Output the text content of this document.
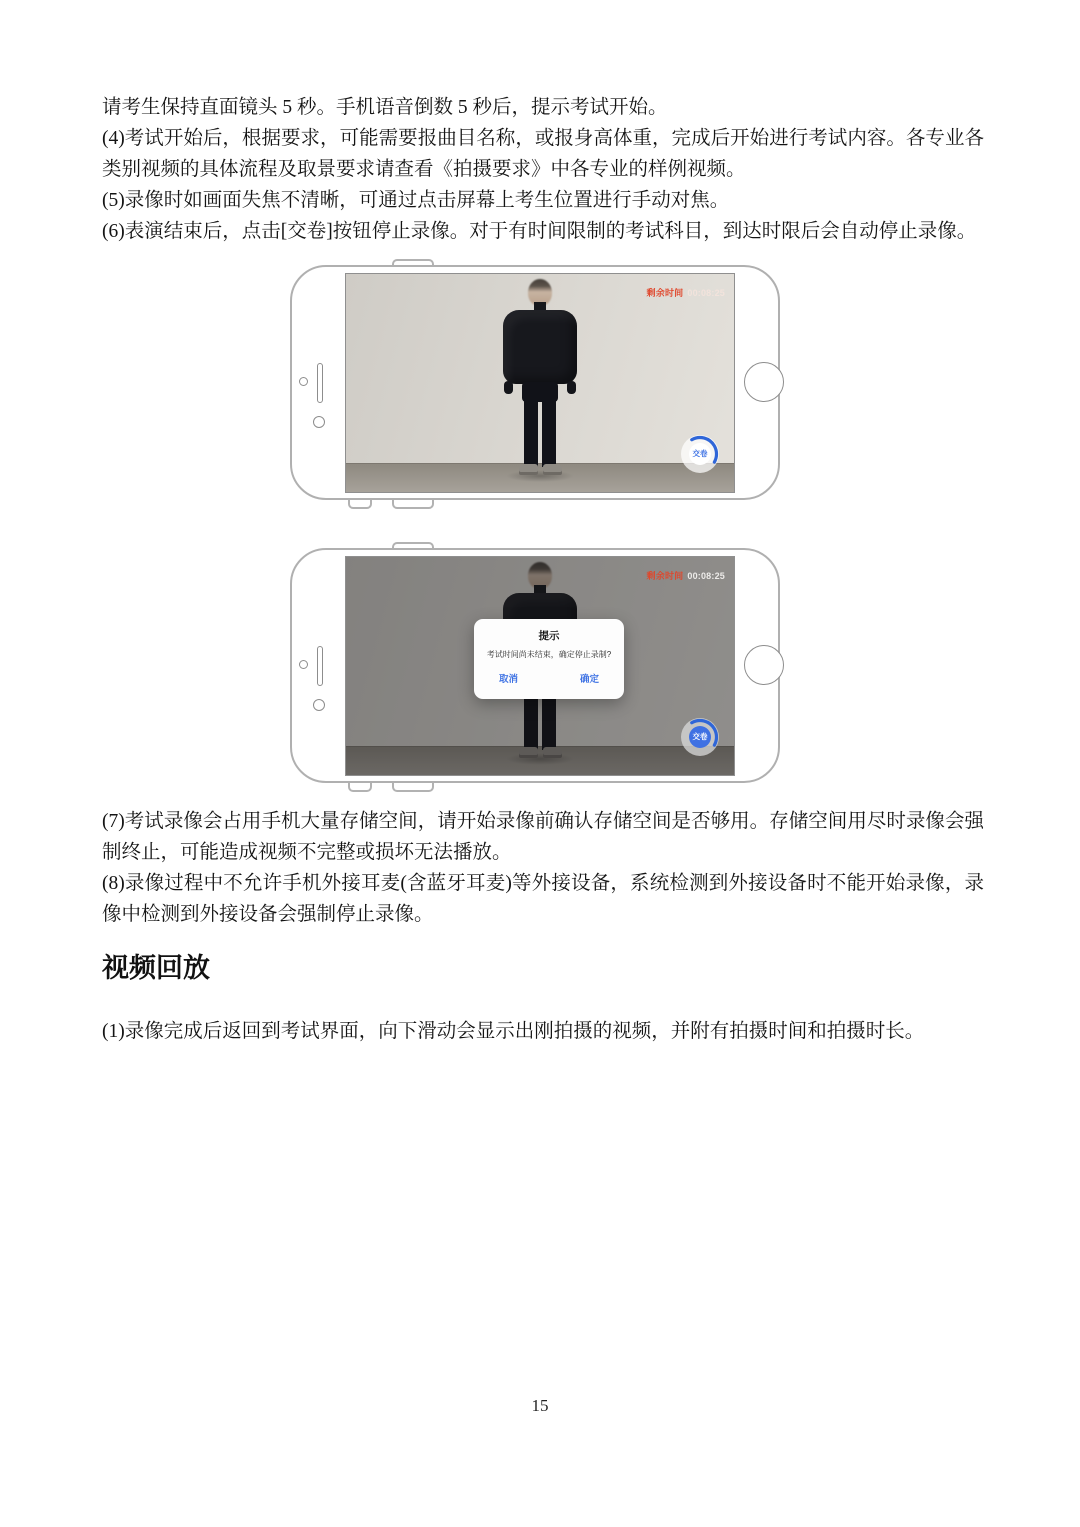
请考生保持直面镜头 5 秒。手机语音倒数 5 秒后，提示考试开始。

(4)考试开始后，根据要求，可能需要报曲目名称，或报身高体重，完成后开始进行考试内容。各专业各类别视频的具体流程及取景要求请查看《拍摄要求》中各专业的样例视频。

(5)录像时如画面失焦不清晰，可通过点击屏幕上考生位置进行手动对焦。

(6)表演结束后，点击[交卷]按钮停止录像。对于有时间限制的考试科目，到达时限后会自动停止录像。

剩余时间 00:08:25
交卷
剩余时间 00:08:25
交卷
提示
考试时间尚未结束，确定停止录制?
取消	确定

(7)考试录像会占用手机大量存储空间，请开始录像前确认存储空间是否够用。存储空间用尽时录像会强制终止，可能造成视频不完整或损坏无法播放。

(8)录像过程中不允许手机外接耳麦(含蓝牙耳麦)等外接设备，系统检测到外接设备时不能开始录像，录像中检测到外接设备会强制停止录像。

视频回放

(1)录像完成后返回到考试界面，向下滑动会显示出刚拍摄的视频，并附有拍摄时间和拍摄时长。

15
